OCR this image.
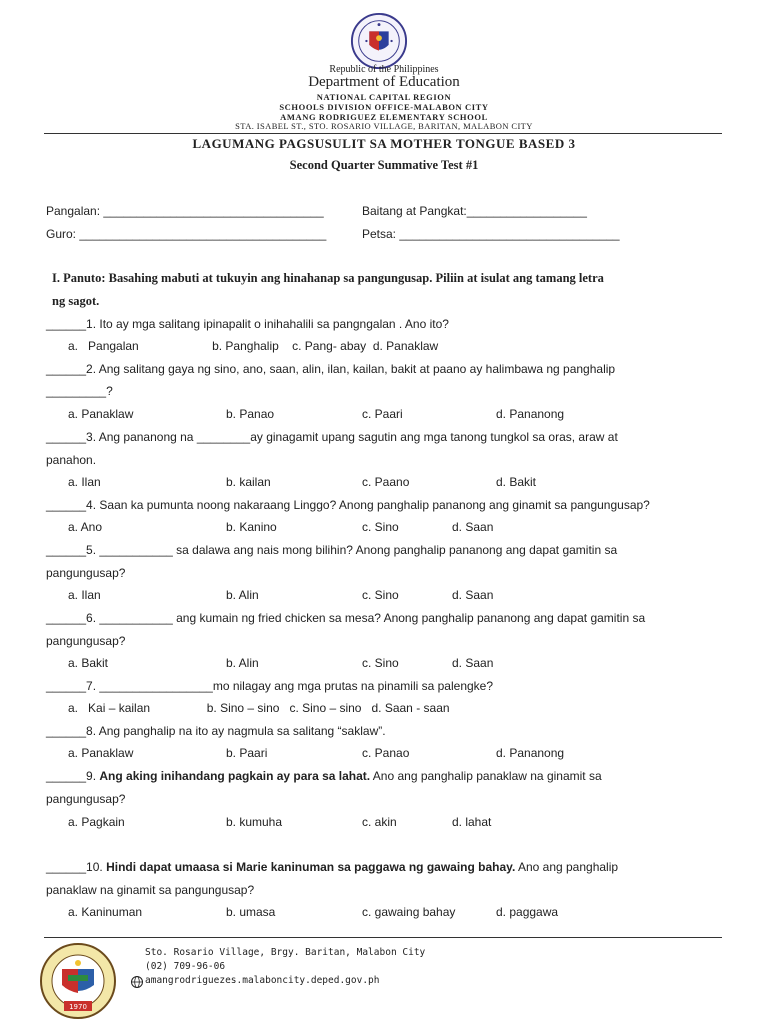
Republic of the Philippines
Department of Education
NATIONAL CAPITAL REGION
SCHOOLS DIVISION OFFICE-MALABON CITY
AMANG RODRIGUEZ ELEMENTARY SCHOOL
STA. ISABEL ST., STO. ROSARIO VILLAGE, BARITAN, MALABON CITY
LAGUMANG PAGSUSULIT SA MOTHER TONGUE BASED 3
Second Quarter Summative Test #1
Pangalan: _________________________________	Baitang at Pangkat:__________________
Guro: _____________________________________	Petsa: _________________________________
I. Panuto: Basahing mabuti at tukuyin ang hinahanap sa pangungusap. Piliin at isulat ang tamang letra
ng sagot.
______1. Ito ay mga salitang ipinapalit o inihahalili sa pangngalan . Ano ito?
a.   Pangalan                      b. Panghalip    c. Pang- abay  d. Panaklaw
______2. Ang salitang gaya ng sino, ano, saan, alin, ilan, kailan, bakit at paano ay halimbawa ng panghalip
_________?
a. Panaklaw	b. Panao	c. Paari	d. Pananong
______3. Ang pananong na ________ay ginagamit upang sagutin ang mga tanong tungkol sa oras, araw at
panahon.
a. Ilan	b. kailan	c. Paano	d. Bakit
______4. Saan ka pumunta noong nakaraang Linggo? Anong panghalip pananong ang ginamit sa pangungusap?
a. Ano	b. Kanino	c. Sino	d. Saan
______5. ___________ sa dalawa ang nais mong bilihin? Anong panghalip pananong ang dapat gamitin sa
pangungusap?
a. Ilan	b. Alin	c. Sino	d. Saan
______6. ___________ ang kumain ng fried chicken sa mesa? Anong panghalip pananong ang dapat gamitin sa
pangungusap?
a. Bakit	b. Alin	c. Sino	d. Saan
______7. _________________mo nilagay ang mga prutas na pinamili sa palengke?
a.   Kai – kailan                 b. Sino – sino   c. Sino – sino   d. Saan - saan
______8. Ang panghalip na ito ay nagmula sa salitang “saklaw”.
a. Panaklaw	b. Paari	c. Panao	d. Pananong
______9. Ang aking inihandang pagkain ay para sa lahat. Ano ang panghalip panaklaw na ginamit sa
pangungusap?
a. Pagkain	b. kumuha	c. akin	d. lahat
______10. Hindi dapat umaasa si Marie kaninuman sa paggawa ng gawaing bahay. Ano ang panghalip
panaklaw na ginamit sa pangungusap?
a. Kaninuman	b. umasa	c. gawaing bahay	d. paggawa
1970
Sto. Rosario Village, Brgy. Baritan, Malabon City
(02) 709-96-06
amangrodriguezes.malaboncity.deped.gov.ph
